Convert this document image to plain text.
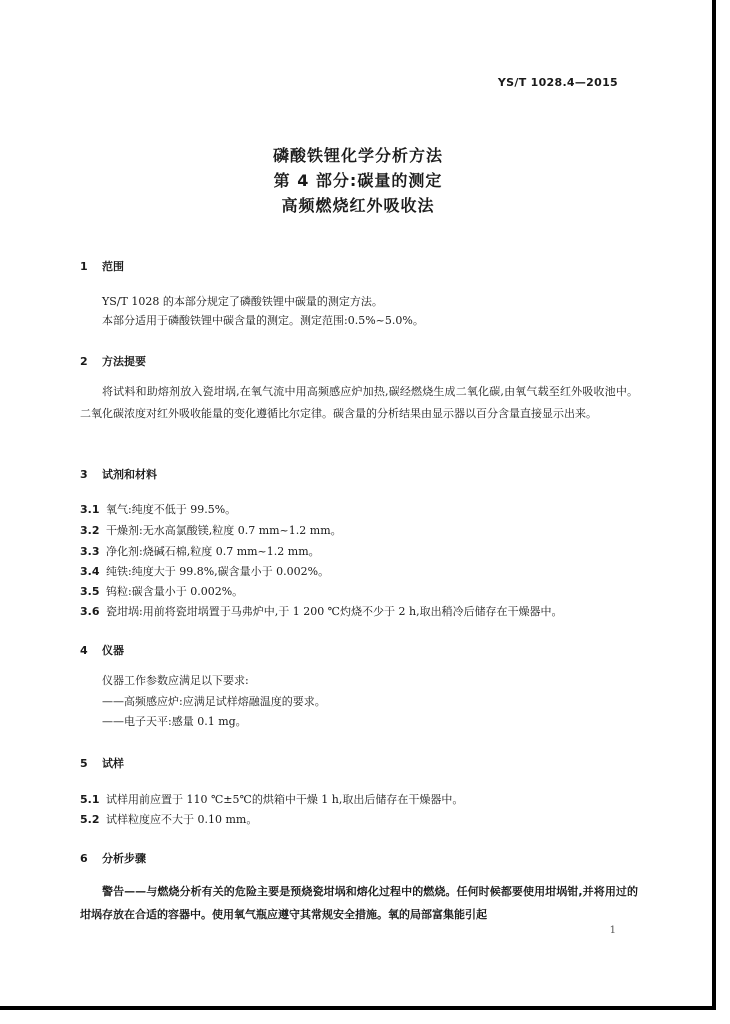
YS/T 1028.4—2015
磷酸铁锂化学分析方法
第 4 部分:碳量的测定
高频燃烧红外吸收法
1 范围
YS/T 1028 的本部分规定了磷酸铁锂中碳量的测定方法。
本部分适用于磷酸铁锂中碳含量的测定。测定范围:0.5%~5.0%。
2 方法提要
将试料和助熔剂放入瓷坩埚,在氧气流中用高频感应炉加热,碳经燃烧生成二氧化碳,由氧气载至红外吸收池中。二氧化碳浓度对红外吸收能量的变化遵循比尔定律。碳含量的分析结果由显示器以百分含量直接显示出来。
3 试剂和材料
3.1 氧气:纯度不低于 99.5%。
3.2 干燥剂:无水高氯酸镁,粒度 0.7 mm~1.2 mm。
3.3 净化剂:烧碱石棉,粒度 0.7 mm~1.2 mm。
3.4 纯铁:纯度大于 99.8%,碳含量小于 0.002%。
3.5 钨粒:碳含量小于 0.002%。
3.6 瓷坩埚:用前将瓷坩埚置于马弗炉中,于 1 200 ℃灼烧不少于 2 h,取出稍冷后储存在干燥器中。
4 仪器
仪器工作参数应满足以下要求:
——高频感应炉:应满足试样熔融温度的要求。
——电子天平:感量 0.1 mg。
5 试样
5.1 试样用前应置于 110 ℃±5℃的烘箱中干燥 1 h,取出后储存在干燥器中。
5.2 试样粒度应不大于 0.10 mm。
6 分析步骤
警告——与燃烧分析有关的危险主要是预烧瓷坩埚和熔化过程中的燃烧。任何时候都要使用坩埚钳,并将用过的坩埚存放在合适的容器中。使用氧气瓶应遵守其常规安全措施。氧的局部富集能引起
1
